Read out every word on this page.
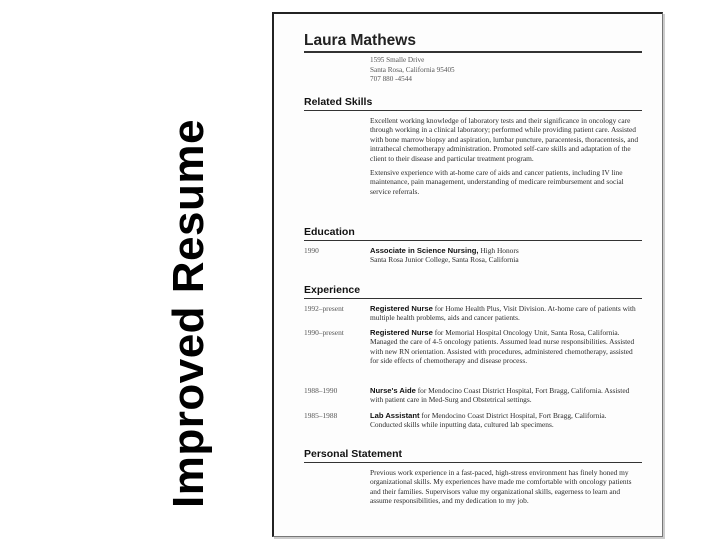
Improved Resume
Laura Mathews
1595 Smalle Drive
Santa Rosa, California 95405
707 880 -4544

Related Skills

Excellent working knowledge of laboratory tests and their significance in oncology care through working in a clinical laboratory; performed while providing patient care. Assisted with bone marrow biopsy and aspiration, lumbar puncture, paracentesis, thoracentesis, and intrathecal chemotherapy administration. Promoted self-care skills and adaptation of the client to their disease and particular treatment program.

Extensive experience with at-home care of aids and cancer patients, including IV line maintenance, pain management, understanding of medicare reimbursement and social service referrals.

Education

1990	Associate in Science Nursing, High Honors
Santa Rosa Junior College, Santa Rosa, California

Experience

1992–present	Registered Nurse for Home Health Plus, Visit Division. At-home care of patients with multiple health problems, aids and cancer patients.
1990–present	Registered Nurse for Memorial Hospital Oncology Unit, Santa Rosa, California. Managed the care of 4-5 oncology patients. Assumed lead nurse responsibilities. Assisted with new RN orientation. Assisted with procedures, administered chemotherapy, assisted for side effects of chemotherapy and disease process.
1988–1990	Nurse's Aide for Mendocino Coast District Hospital, Fort Bragg, California. Assisted with patient care in Med-Surg and Obstetrical settings.
1985–1988	Lab Assistant for Mendocino Coast District Hospital, Fort Bragg, California. Conducted skills while inputting data, cultured lab specimens.

Personal Statement

Previous work experience in a fast-paced, high-stress environment has finely honed my organizational skills. My experiences have made me comfortable with oncology patients and their families. Supervisors value my organizational skills, eagerness to learn and assume responsibilities, and my dedication to my job.
